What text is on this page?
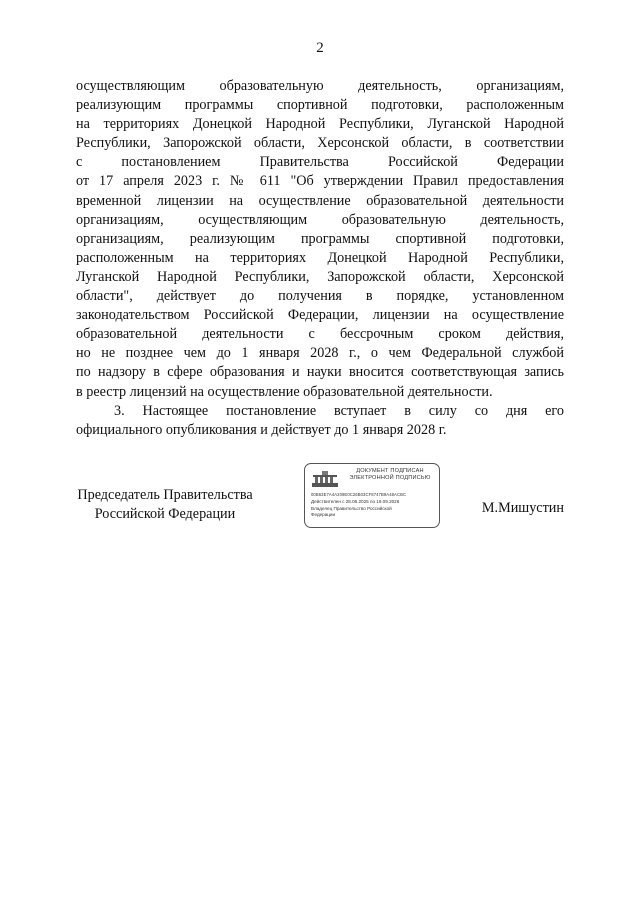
2
осуществляющим образовательную деятельность, организациям,
реализующим программы спортивной подготовки, расположенным
на территориях Донецкой Народной Республики, Луганской Народной
Республики, Запорожской области, Херсонской области, в соответствии
с постановлением Правительства Российской Федерации
от 17 апреля 2023 г. № 611 "Об утверждении Правил предоставления
временной лицензии на осуществление образовательной деятельности
организациям, осуществляющим образовательную деятельность,
организациям, реализующим программы спортивной подготовки,
расположенным на территориях Донецкой Народной Республики,
Луганской Народной Республики, Запорожской области, Херсонской
области", действует до получения в порядке, установленном
законодательством Российской Федерации, лицензии на осуществление
образовательной деятельности с бессрочным сроком действия,
но не позднее чем до 1 января 2028 г., о чем Федеральной службой
по надзору в сфере образования и науки вносится соответствующая запись
в реестр лицензий на осуществление образовательной деятельности.
3. Настоящее постановление вступает в силу со дня его
официального опубликования и действует до 1 января 2028 г.
Председатель Правительства
Российской Федерации
ДОКУМЕНТ ПОДПИСАН
ЭЛЕКТРОННОЙ ПОДПИСЬЮ
00B63E7A4A209E0C26B03CF8747B9A48ACBC
Действителен с 28.06.2025 по 19.09.2026
Владелец Правительство Российской
Федерации	М.Мишустин
